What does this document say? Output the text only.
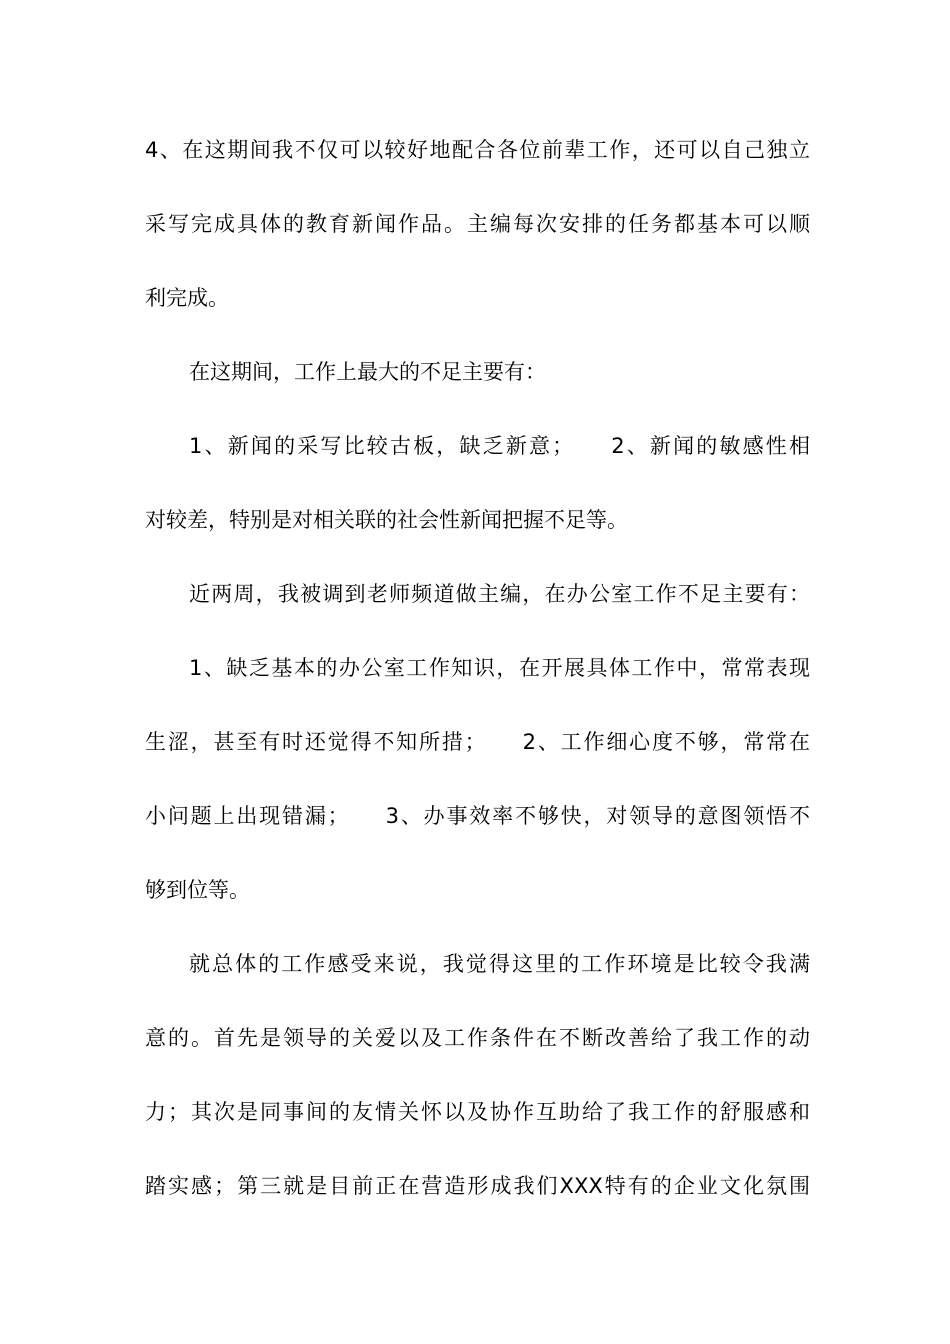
4、在这期间我不仅可以较好地配合各位前辈工作，还可以自己独立
采写完成具体的教育新闻作品。主编每次安排的任务都基本可以顺
利完成。
在这期间，工作上最大的不足主要有：
1、新闻的采写比较古板，缺乏新意；　　2、新闻的敏感性相
对较差，特别是对相关联的社会性新闻把握不足等。
近两周，我被调到老师频道做主编，在办公室工作不足主要有：
1、缺乏基本的办公室工作知识，在开展具体工作中，常常表现
生涩，甚至有时还觉得不知所措；　　2、工作细心度不够，常常在
小问题上出现错漏；　　3、办事效率不够快，对领导的意图领悟不
够到位等。
就总体的工作感受来说，我觉得这里的工作环境是比较令我满
意的。首先是领导的关爱以及工作条件在不断改善给了我工作的动
力；其次是同事间的友情关怀以及协作互助给了我工作的舒服感和
踏实感；第三就是目前正在营造形成我们XXX特有的企业文化氛围
